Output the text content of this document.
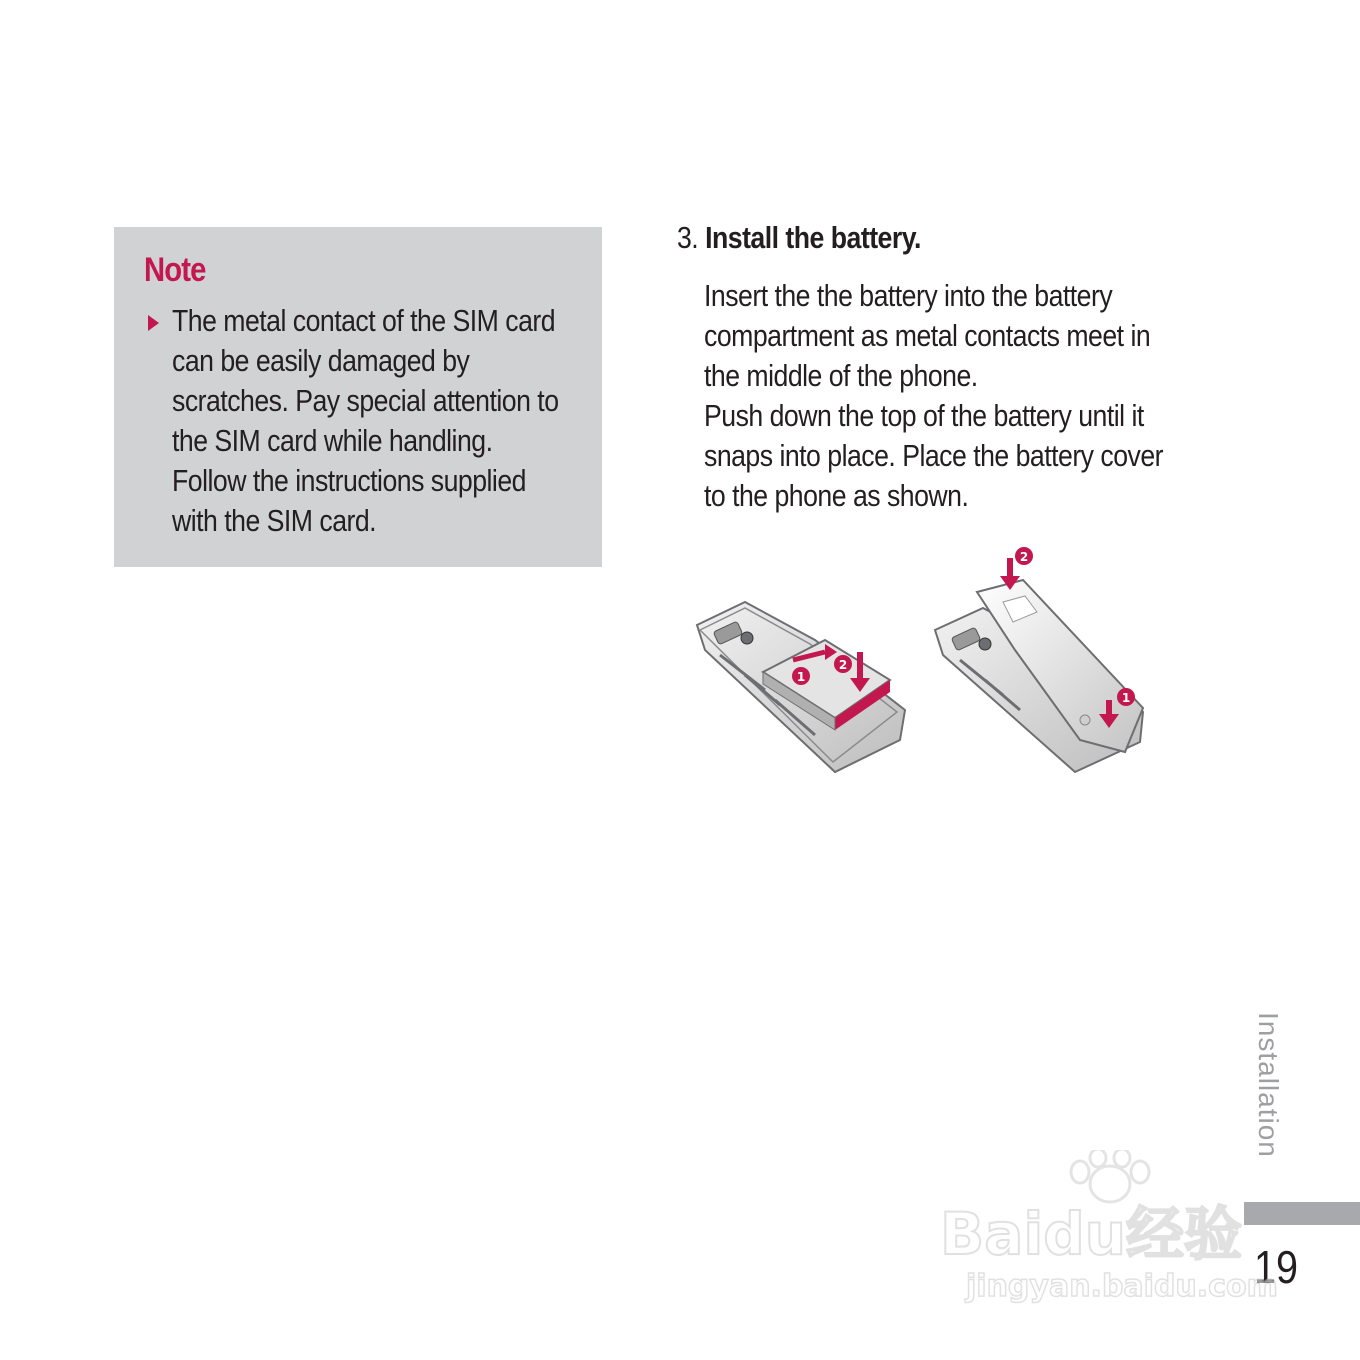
Note
The metal contact of the SIM card
can be easily damaged by
scratches. Pay special attention to
the SIM card while handling.
Follow the instructions supplied
with the SIM card.
3. Install the battery.

Insert the the battery into the battery
compartment as metal contacts meet in
the middle of the phone.

Push down the top of the battery until it
snaps into place. Place the battery cover
to the phone as shown.

1
2
2
1
Installation
19
Baidu经验
jingyan.baidu.com
